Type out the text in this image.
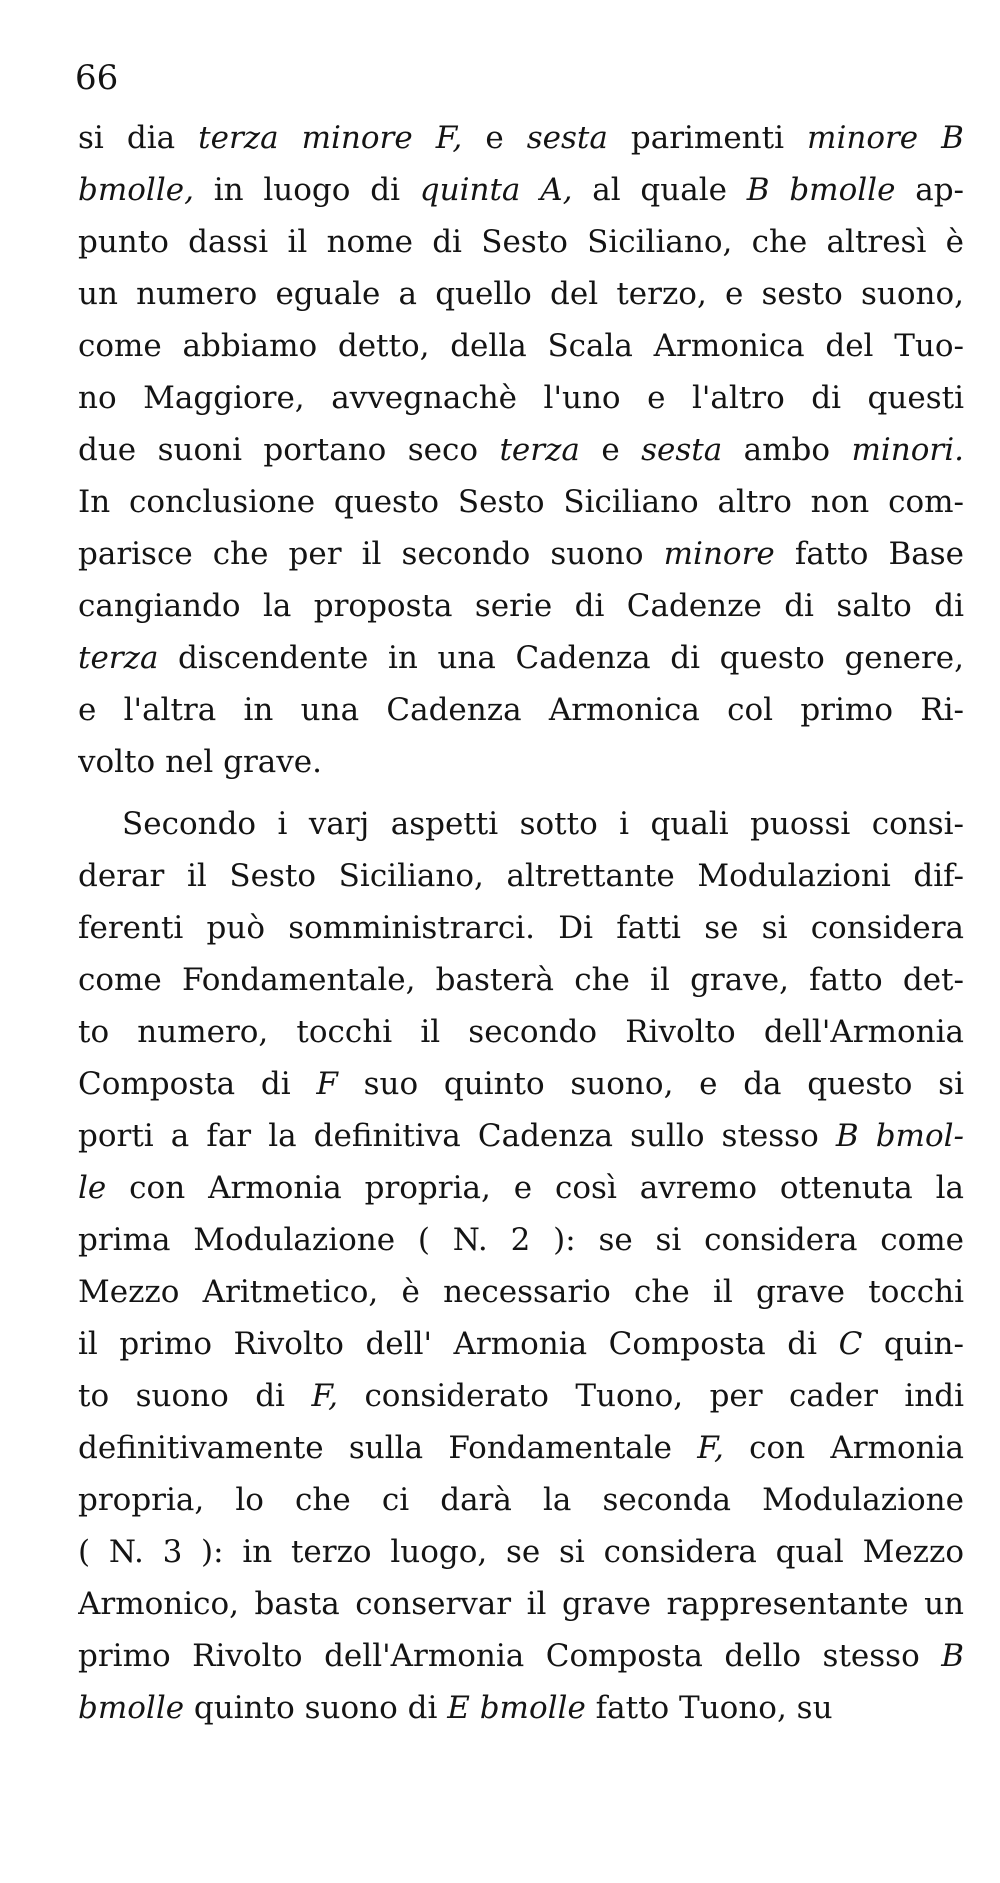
66
si dia terza minore F, e sesta parimenti minore B
bmolle, in luogo di quinta A, al quale B bmolle ap-
punto dassi il nome di Sesto Siciliano, che altresì è
un numero eguale a quello del terzo, e sesto suono,
come abbiamo detto, della Scala Armonica del Tuo-
no Maggiore, avvegnachè l'uno e l'altro di questi
due suoni portano seco terza e sesta ambo minori.
In conclusione questo Sesto Siciliano altro non com-
parisce che per il secondo suono minore fatto Base
cangiando la proposta serie di Cadenze di salto di
terza discendente in una Cadenza di questo genere,
e l'altra in una Cadenza Armonica col primo Ri-
volto nel grave.
Secondo i varj aspetti sotto i quali puossi consi-
derar il Sesto Siciliano, altrettante Modulazioni dif-
ferenti può somministrarci. Di fatti se si considera
come Fondamentale, basterà che il grave, fatto det-
to numero, tocchi il secondo Rivolto dell'Armonia
Composta di F suo quinto suono, e da questo si
porti a far la definitiva Cadenza sullo stesso B bmol-
le con Armonia propria, e così avremo ottenuta la
prima Modulazione ( N. 2 ): se si considera come
Mezzo Aritmetico, è necessario che il grave tocchi
il primo Rivolto dell' Armonia Composta di C quin-
to suono di F, considerato Tuono, per cader indi
definitivamente sulla Fondamentale F, con Armonia
propria, lo che ci darà la seconda Modulazione
( N. 3 ): in terzo luogo, se si considera qual Mezzo
Armonico, basta conservar il grave rappresentante un
primo Rivolto dell'Armonia Composta dello stesso B
bmolle quinto suono di E bmolle fatto Tuono, su
